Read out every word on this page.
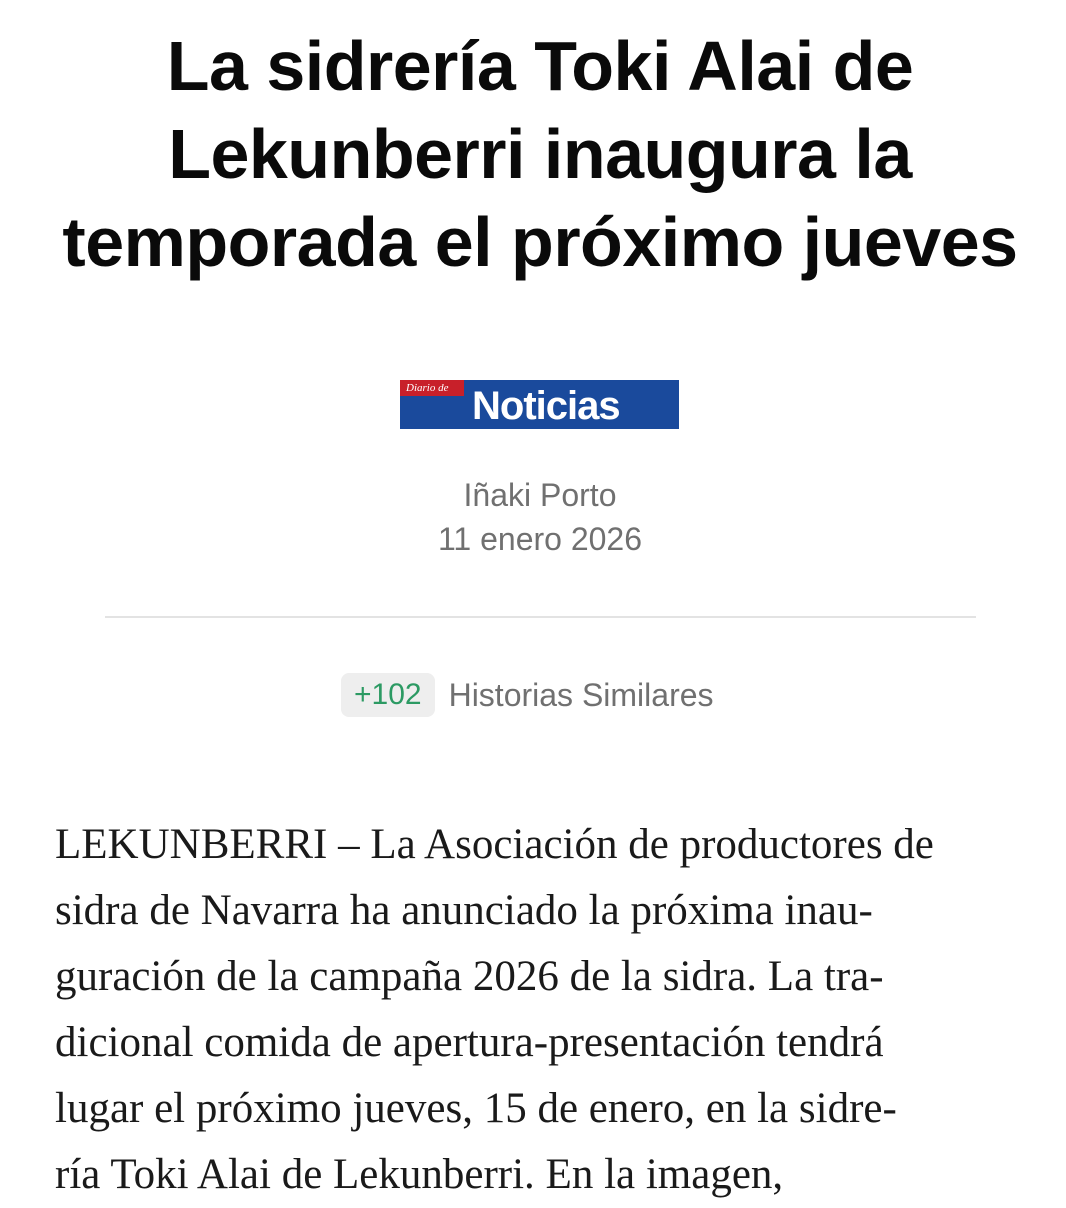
La sidrería Toki Alai de Lekunberri inaugura la temporada el próximo jueves
Diario de Noticias
Iñaki Porto
11 enero 2026
+102 Historias Similares

LEKUNBERRI – La Asociación de productores de
sidra de Navarra ha anunciado la próxima inau-
guración de la campaña 2026 de la sidra. La tra-
dicional comida de apertura-presentación tendrá
lugar el próximo jueves, 15 de enero, en la sidre-
ría Toki Alai de Lekunberri. En la imagen,
